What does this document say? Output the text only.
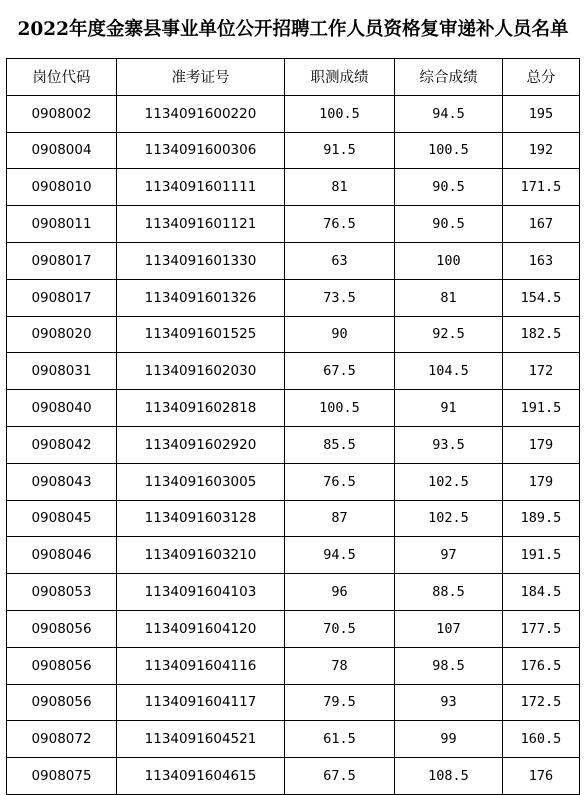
2022年度金寨县事业单位公开招聘工作人员资格复审递补人员名单
岗位代码	准考证号	职测成绩	综合成绩	总分
0908002	1134091600220	100.5	94.5	195
0908004	1134091600306	91.5	100.5	192
0908010	1134091601111	81	90.5	171.5
0908011	1134091601121	76.5	90.5	167
0908017	1134091601330	63	100	163
0908017	1134091601326	73.5	81	154.5
0908020	1134091601525	90	92.5	182.5
0908031	1134091602030	67.5	104.5	172
0908040	1134091602818	100.5	91	191.5
0908042	1134091602920	85.5	93.5	179
0908043	1134091603005	76.5	102.5	179
0908045	1134091603128	87	102.5	189.5
0908046	1134091603210	94.5	97	191.5
0908053	1134091604103	96	88.5	184.5
0908056	1134091604120	70.5	107	177.5
0908056	1134091604116	78	98.5	176.5
0908056	1134091604117	79.5	93	172.5
0908072	1134091604521	61.5	99	160.5
0908075	1134091604615	67.5	108.5	176
